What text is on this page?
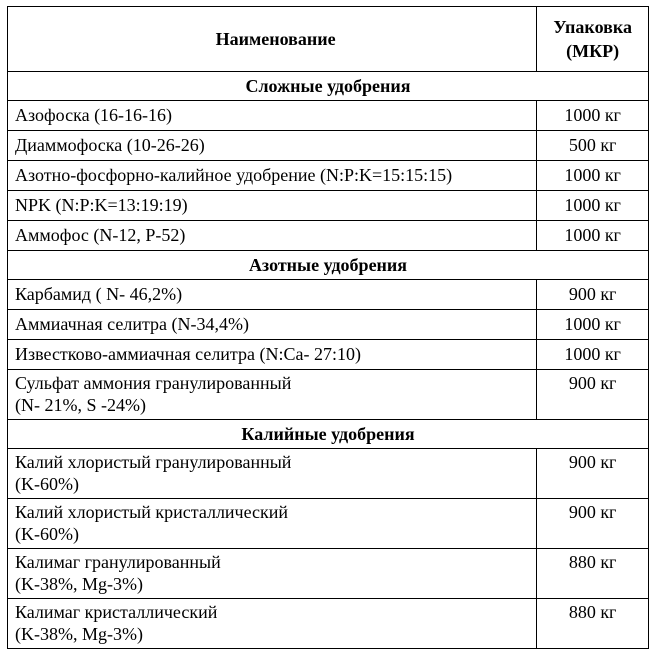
Наименование	Упаковка
(МКР)

Сложные удобрения	

Азофоска (16-16-16)	1000 кг

Диаммофоска (10-26-26)	500 кг

Азотно-фосфорно-калийное удобрение (N:P:K=15:15:15)	1000 кг

NPK (N:P:K=13:19:19)	1000 кг

Аммофос (N-12, P-52)	1000 кг
Азотные удобрения	

Карбамид ( N- 46,2%)	900 кг

Аммиачная селитра (N-34,4%)	1000 кг

Известково-аммиачная селитра (N:Ca- 27:10)	1000 кг

Сульфат аммония гранулированный
(N- 21%, S -24%)	900 кг
Калийные удобрения	

Калий хлористый гранулированный
(K-60%)	900 кг

Калий хлористый кристаллический
(K-60%)	900 кг

Калимаг гранулированный
(K-38%, Mg-3%)	880 кг

Калимаг кристаллический
(K-38%, Mg-3%)	880 кг
